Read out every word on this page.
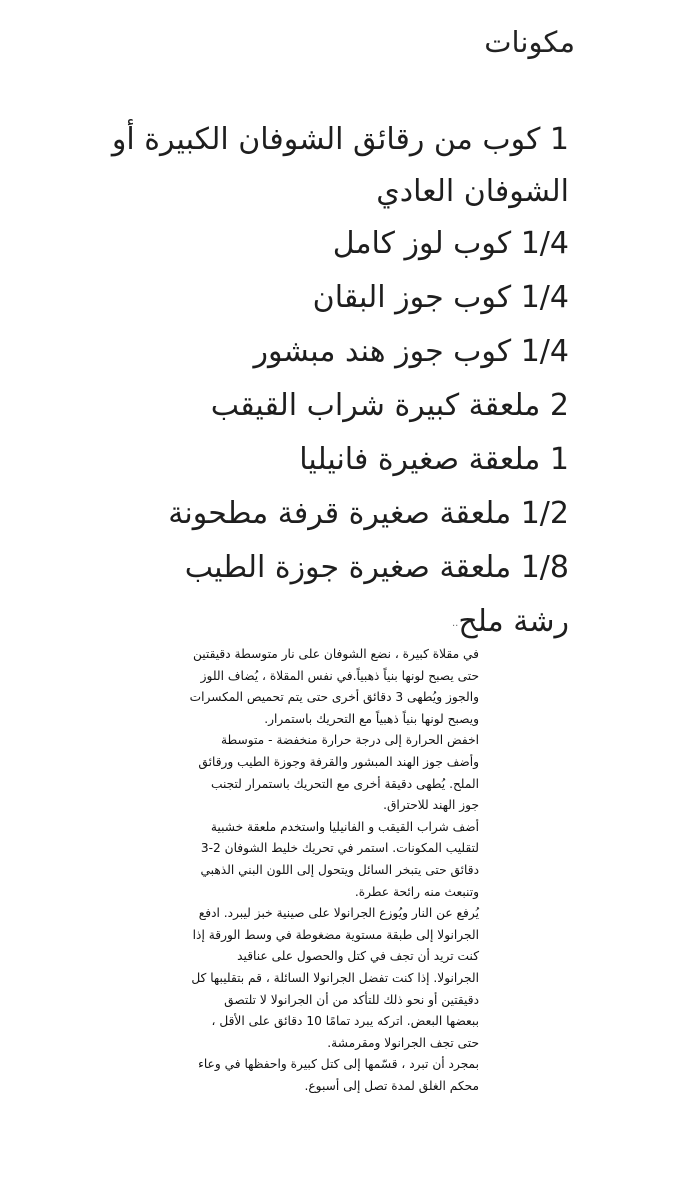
مكونات
1 كوب من رقائق الشوفان الكبيرة أو الشوفان العادي
1/4 كوب لوز كامل
1/4 كوب جوز البقان
1/4 كوب جوز هند مبشور
2 ملعقة كبيرة شراب القيقب
1 ملعقة صغيرة فانيليا
1/2 ملعقة صغيرة قرفة مطحونة
1/8 ملعقة صغيرة جوزة الطيب
رشة ملح
..

في مقلاة كبيرة ، نضع الشوفان على نار متوسطة دقيقتين حتى يصبح لونها بنياً ذهبياً.في نفس المقلاة ، يُضاف اللوز والجوز ويُطهى 3 دقائق أخرى حتى يتم تحميص المكسرات ويصبح لونها بنياً ذهبياً مع التحريك باستمرار.

اخفض الحرارة إلى درجة حرارة منخفضة - متوسطة وأضف جوز الهند المبشور والقرفة وجوزة الطيب ورقائق الملح. يُطهى دقيقة أخرى مع التحريك باستمرار لتجنب جوز الهند للاحتراق.

أضف شراب القيقب و الفانيليا واستخدم ملعقة خشبية لتقليب المكونات. استمر في تحريك خليط الشوفان 2-3 دقائق حتى يتبخر السائل ويتحول إلى اللون البني الذهبي وتنبعث منه رائحة عطرة.

يُرفع عن النار ويُوزع الجرانولا على صينية خبز ليبرد. ادفع الجرانولا إلى طبقة مستوية مضغوطة في وسط الورقة إذا كنت تريد أن تجف في كتل والحصول على عناقيد الجرانولا. إذا كنت تفضل الجرانولا السائلة ، قم بتقليبها كل دقيقتين أو نحو ذلك للتأكد من أن الجرانولا لا تلتصق ببعضها البعض. اتركه يبرد تمامًا 10 دقائق على الأقل ، حتى تجف الجرانولا ومقرمشة.

بمجرد أن تبرد ، قسّمها إلى كتل كبيرة واحفظها في وعاء محكم الغلق لمدة تصل إلى أسبوع.
